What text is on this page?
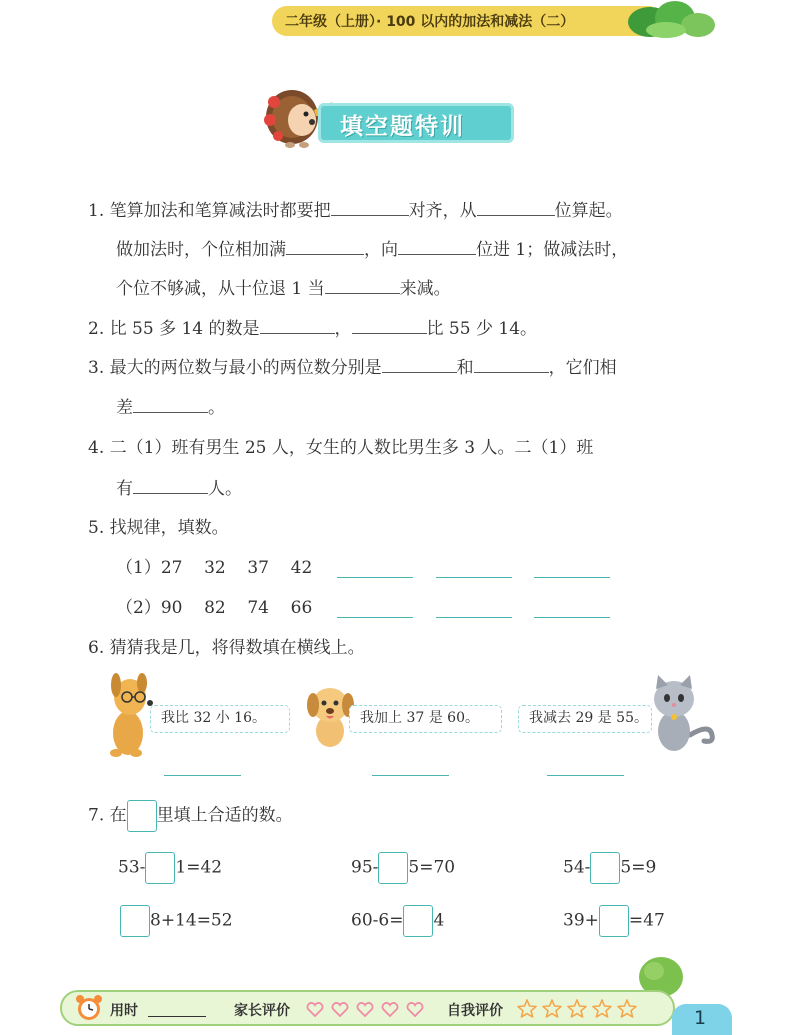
二年级（上册）· 100 以内的加法和减法（二）
填空题特训
1. 笔算加法和笔算减法时都要把	对齐，从	位算起。
做加法时，个位相加满	，向	位进 1；做减法时，
个位不够减，从十位退 1 当	来减。
2. 比 55 多 14 的数是	，	比 55 少 14。
3. 最大的两位数与最小的两位数分别是	和	，它们相
差	。
4. 二（1）班有男生 25 人，女生的人数比男生多 3 人。二（1）班
有	人。
5. 找规律，填数。
（1）27 32 37 42
（2）90 82 74 66
6. 猜猜我是几，将得数填在横线上。
我比 32 小 16。	我加上 37 是 60。	我减去 29 是 55。
7. 在 里填上合适的数。
53- 1=42	95- 5=70	54- 5=9
8+14=52	60-6= 4	39+ =47
用时	家长评价	自我评价	1
